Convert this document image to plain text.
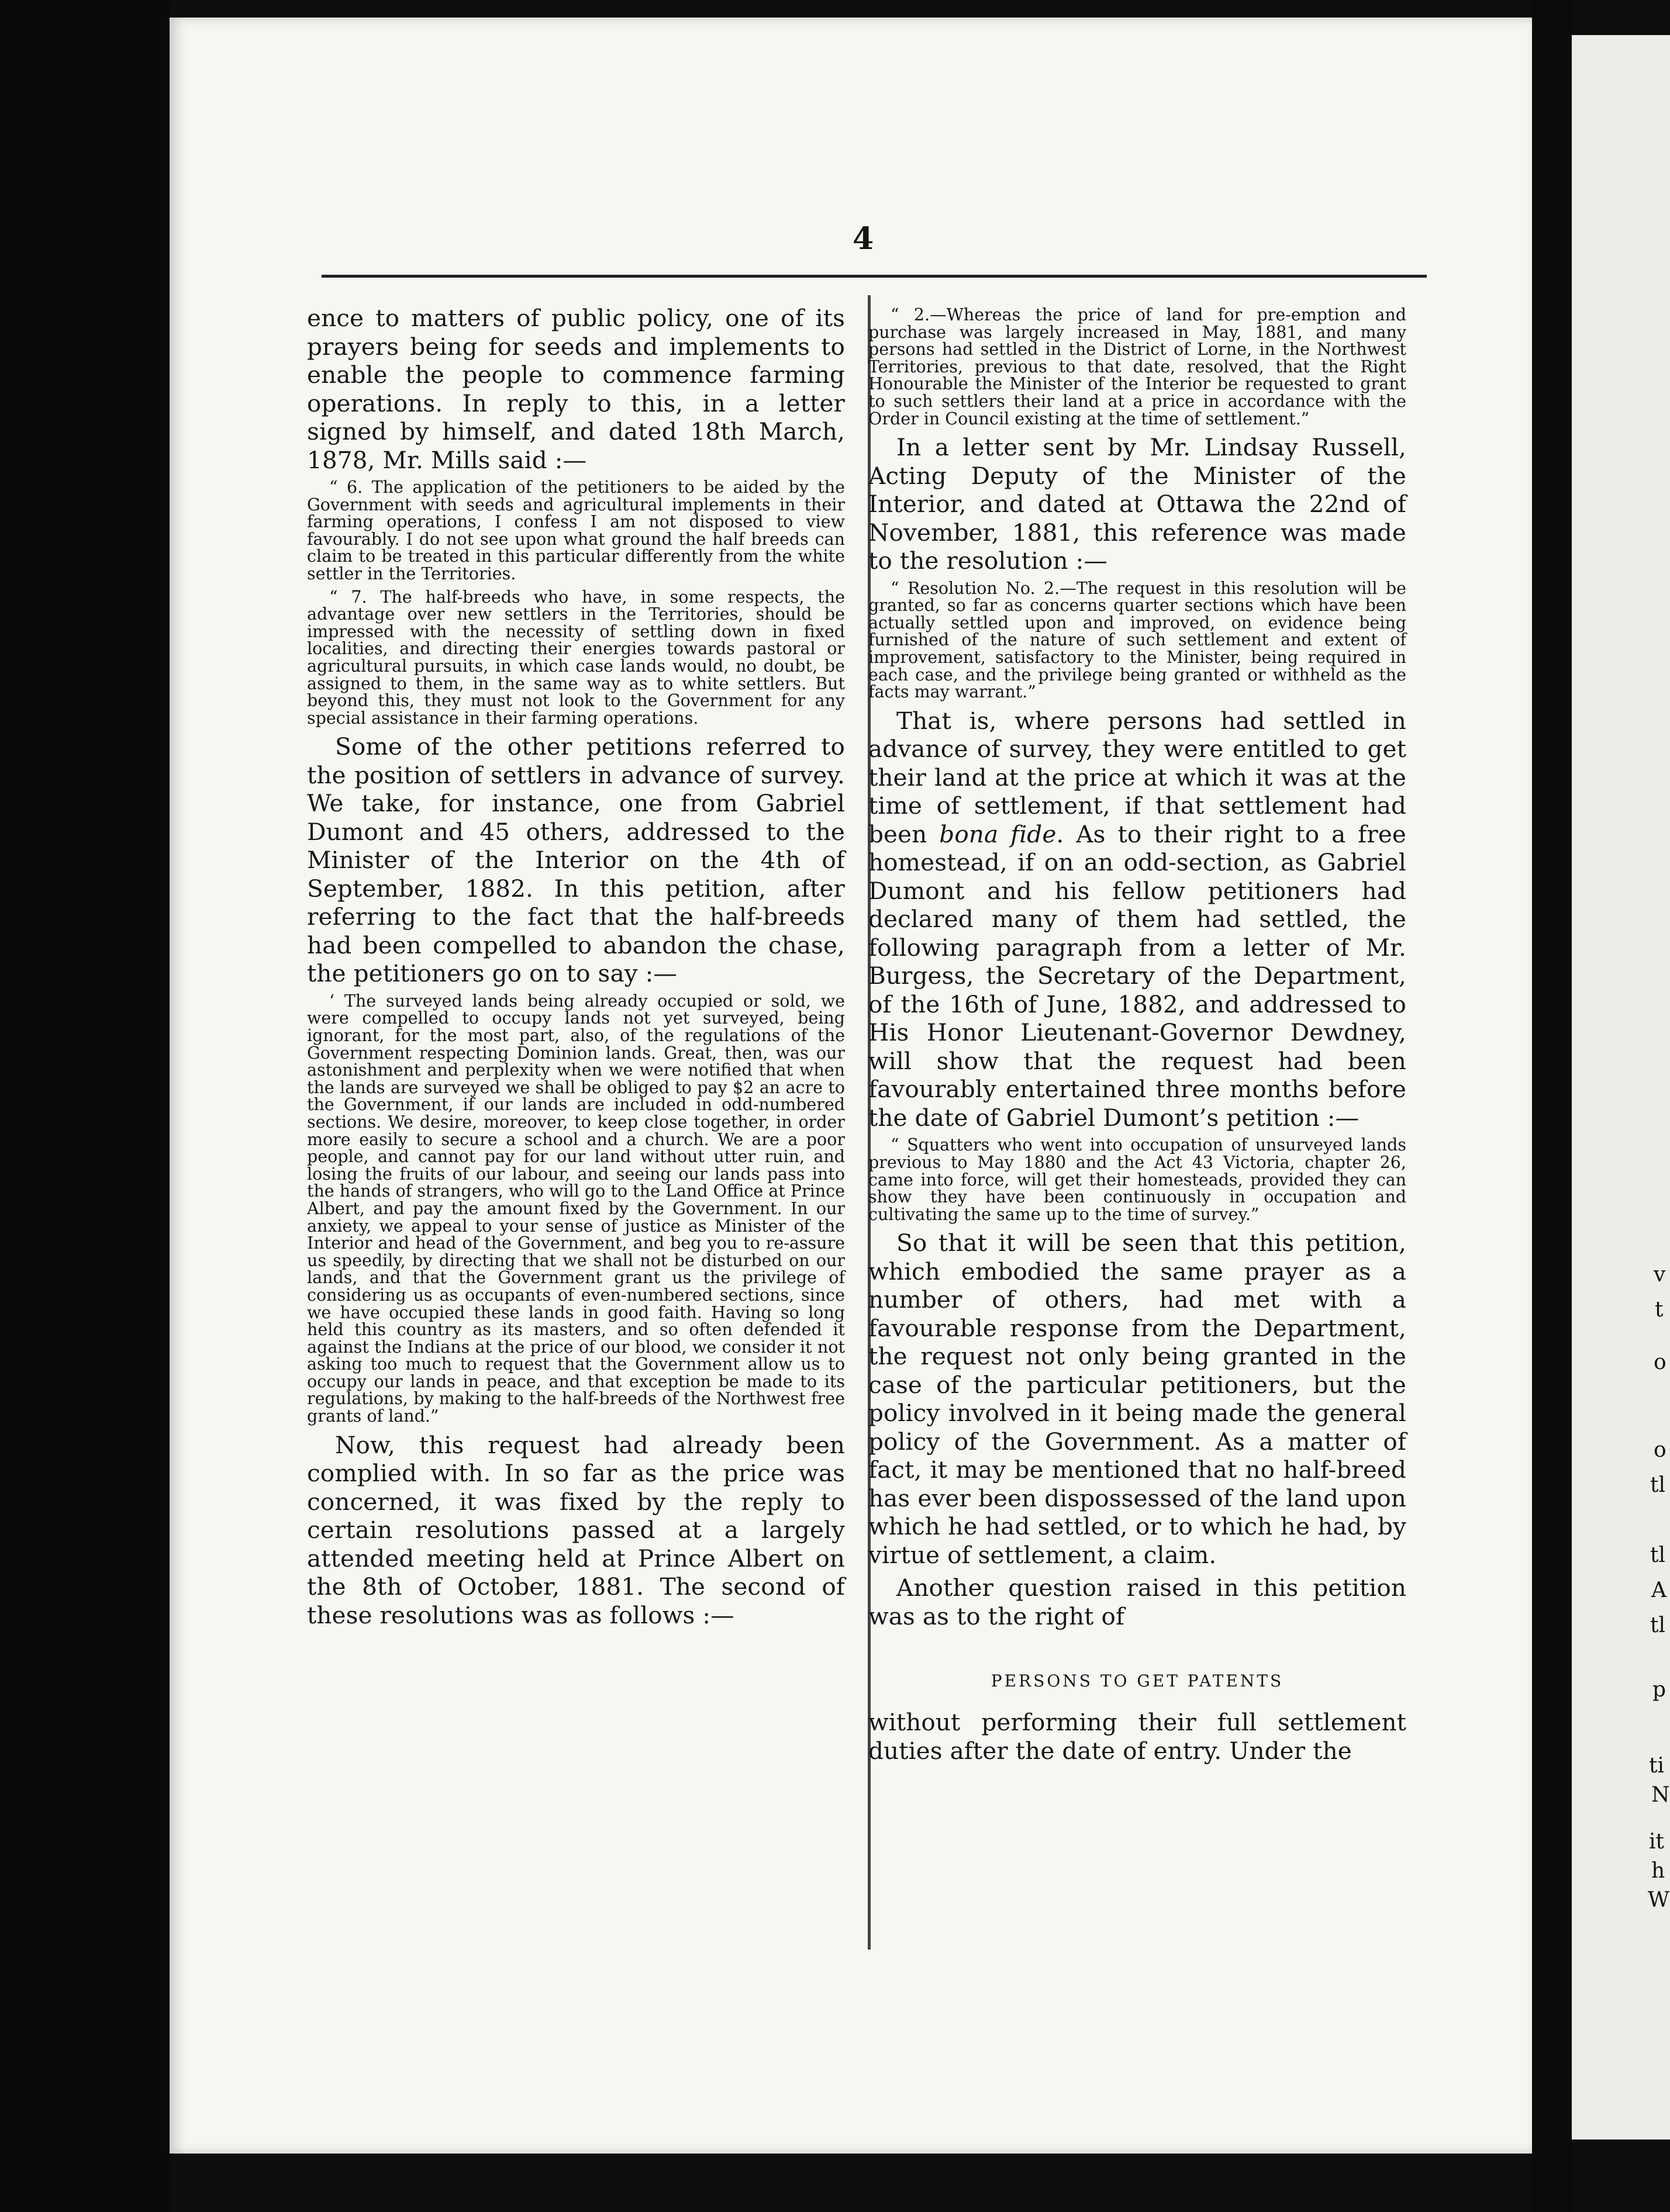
4

ence to matters of public policy, one of its prayers being for seeds and implements to enable the people to commence farming operations. In reply to this, in a letter signed by himself, and dated 18th March, 1878, Mr. Mills said :—

“ 6. The application of the petitioners to be aided by the Government with seeds and agricultural implements in their farming operations, I confess I am not disposed to view favourably. I do not see upon what ground the half breeds can claim to be treated in this particular differently from the white settler in the Territories.

“ 7. The half-breeds who have, in some respects, the advantage over new settlers in the Territories, should be impressed with the necessity of settling down in fixed localities, and directing their energies towards pastoral or agricultural pursuits, in which case lands would, no doubt, be assigned to them, in the same way as to white settlers. But beyond this, they must not look to the Government for any special assistance in their farming operations.

Some of the other petitions referred to the position of settlers in advance of survey. We take, for instance, one from Gabriel Dumont and 45 others, addressed to the Minister of the Interior on the 4th of September, 1882. In this petition, after referring to the fact that the half-breeds had been compelled to abandon the chase, the petitioners go on to say :—

‘ The surveyed lands being already occupied or sold, we were compelled to occupy lands not yet surveyed, being ignorant, for the most part, also, of the regulations of the Government respecting Dominion lands. Great, then, was our astonishment and perplexity when we were notified that when the lands are surveyed we shall be obliged to pay $2 an acre to the Government, if our lands are included in odd-numbered sections. We desire, moreover, to keep close together, in order more easily to secure a school and a church. We are a poor people, and cannot pay for our land without utter ruin, and losing the fruits of our labour, and seeing our lands pass into the hands of strangers, who will go to the Land Office at Prince Albert, and pay the amount fixed by the Government. In our anxiety, we appeal to your sense of justice as Minister of the Interior and head of the Government, and beg you to re-assure us speedily, by directing that we shall not be disturbed on our lands, and that the Government grant us the privilege of considering us as occupants of even-numbered sections, since we have occupied these lands in good faith. Having so long held this country as its masters, and so often defended it against the Indians at the price of our blood, we consider it not asking too much to request that the Government allow us to occupy our lands in peace, and that exception be made to its regulations, by making to the half-breeds of the Northwest free grants of land.”

Now, this request had already been complied with. In so far as the price was concerned, it was fixed by the reply to certain resolutions passed at a largely attended meeting held at Prince Albert on the 8th of October, 1881. The second of these resolutions was as follows :—

“ 2.—Whereas the price of land for pre-emption and purchase was largely increased in May, 1881, and many persons had settled in the District of Lorne, in the Northwest Territories, previous to that date, resolved, that the Right Honourable the Minister of the Interior be requested to grant to such settlers their land at a price in accordance with the Order in Council existing at the time of settlement.”

In a letter sent by Mr. Lindsay Russell, Acting Deputy of the Minister of the Interior, and dated at Ottawa the 22nd of November, 1881, this reference was made to the resolution :—

“ Resolution No. 2.—The request in this resolution will be granted, so far as concerns quarter sections which have been actually settled upon and improved, on evidence being furnished of the nature of such settlement and extent of improvement, satisfactory to the Minister, being required in each case, and the privilege being granted or withheld as the facts may warrant.”

That is, where persons had settled in advance of survey, they were entitled to get their land at the price at which it was at the time of settlement, if that settlement had been bona fide. As to their right to a free homestead, if on an odd-section, as Gabriel Dumont and his fellow petitioners had declared many of them had settled, the following paragraph from a letter of Mr. Burgess, the Secretary of the Department, of the 16th of June, 1882, and addressed to His Honor Lieutenant-Governor Dewdney, will show that the request had been favourably entertained three months before the date of Gabriel Dumont’s petition :—

“ Squatters who went into occupation of unsurveyed lands previous to May 1880 and the Act 43 Victoria, chapter 26, came into force, will get their homesteads, provided they can show they have been continuously in occupation and cultivating the same up to the time of survey.”

So that it will be seen that this petition, which embodied the same prayer as a number of others, had met with a favourable response from the Department, the request not only being granted in the case of the particular petitioners, but the policy involved in it being made the general policy of the Government. As a matter of fact, it may be mentioned that no half-breed has ever been dispossessed of the land upon which he had settled, or to which he had, by virtue of settlement, a claim.

Another question raised in this petition was as to the right of

PERSONS TO GET PATENTS

without performing their full settlement duties after the date of entry. Under the

v
t
o
o
tl
tl
A
tl
p
ti
N
it
h
W
